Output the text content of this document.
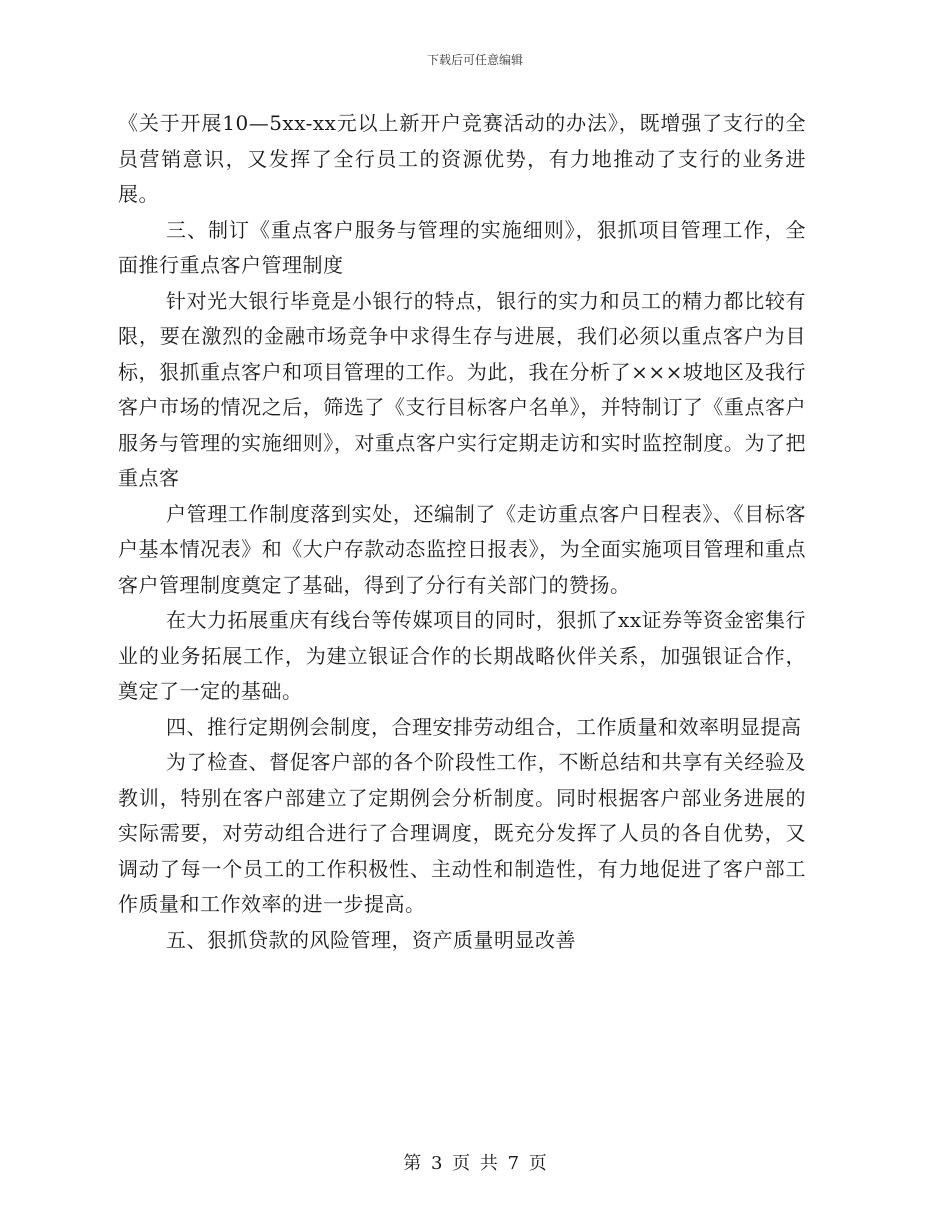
下载后可任意编辑

《关于开展10—5xx-xx元以上新开户竞赛活动的办法》，既增强了支行的全员营销意识，又发挥了全行员工的资源优势，有力地推动了支行的业务进展。

三、制订《重点客户服务与管理的实施细则》，狠抓项目管理工作，全面推行重点客户管理制度

针对光大银行毕竟是小银行的特点，银行的实力和员工的精力都比较有限，要在激烈的金融市场竞争中求得生存与进展，我们必须以重点客户为目标，狠抓重点客户和项目管理的工作。为此，我在分析了×××坡地区及我行客户市场的情况之后，筛选了《支行目标客户名单》，并特制订了《重点客户服务与管理的实施细则》，对重点客户实行定期走访和实时监控制度。为了把重点客

户管理工作制度落到实处，还编制了《走访重点客户日程表》、《目标客户基本情况表》和《大户存款动态监控日报表》，为全面实施项目管理和重点客户管理制度奠定了基础，得到了分行有关部门的赞扬。

在大力拓展重庆有线台等传媒项目的同时，狠抓了xx证券等资金密集行业的业务拓展工作，为建立银证合作的长期战略伙伴关系，加强银证合作，奠定了一定的基础。

四、推行定期例会制度，合理安排劳动组合，工作质量和效率明显提高

为了检查、督促客户部的各个阶段性工作，不断总结和共享有关经验及教训，特别在客户部建立了定期例会分析制度。同时根据客户部业务进展的实际需要，对劳动组合进行了合理调度，既充分发挥了人员的各自优势，又调动了每一个员工的工作积极性、主动性和制造性，有力地促进了客户部工作质量和工作效率的进一步提高。

五、狠抓贷款的风险管理，资产质量明显改善

第 3 页 共 7 页
